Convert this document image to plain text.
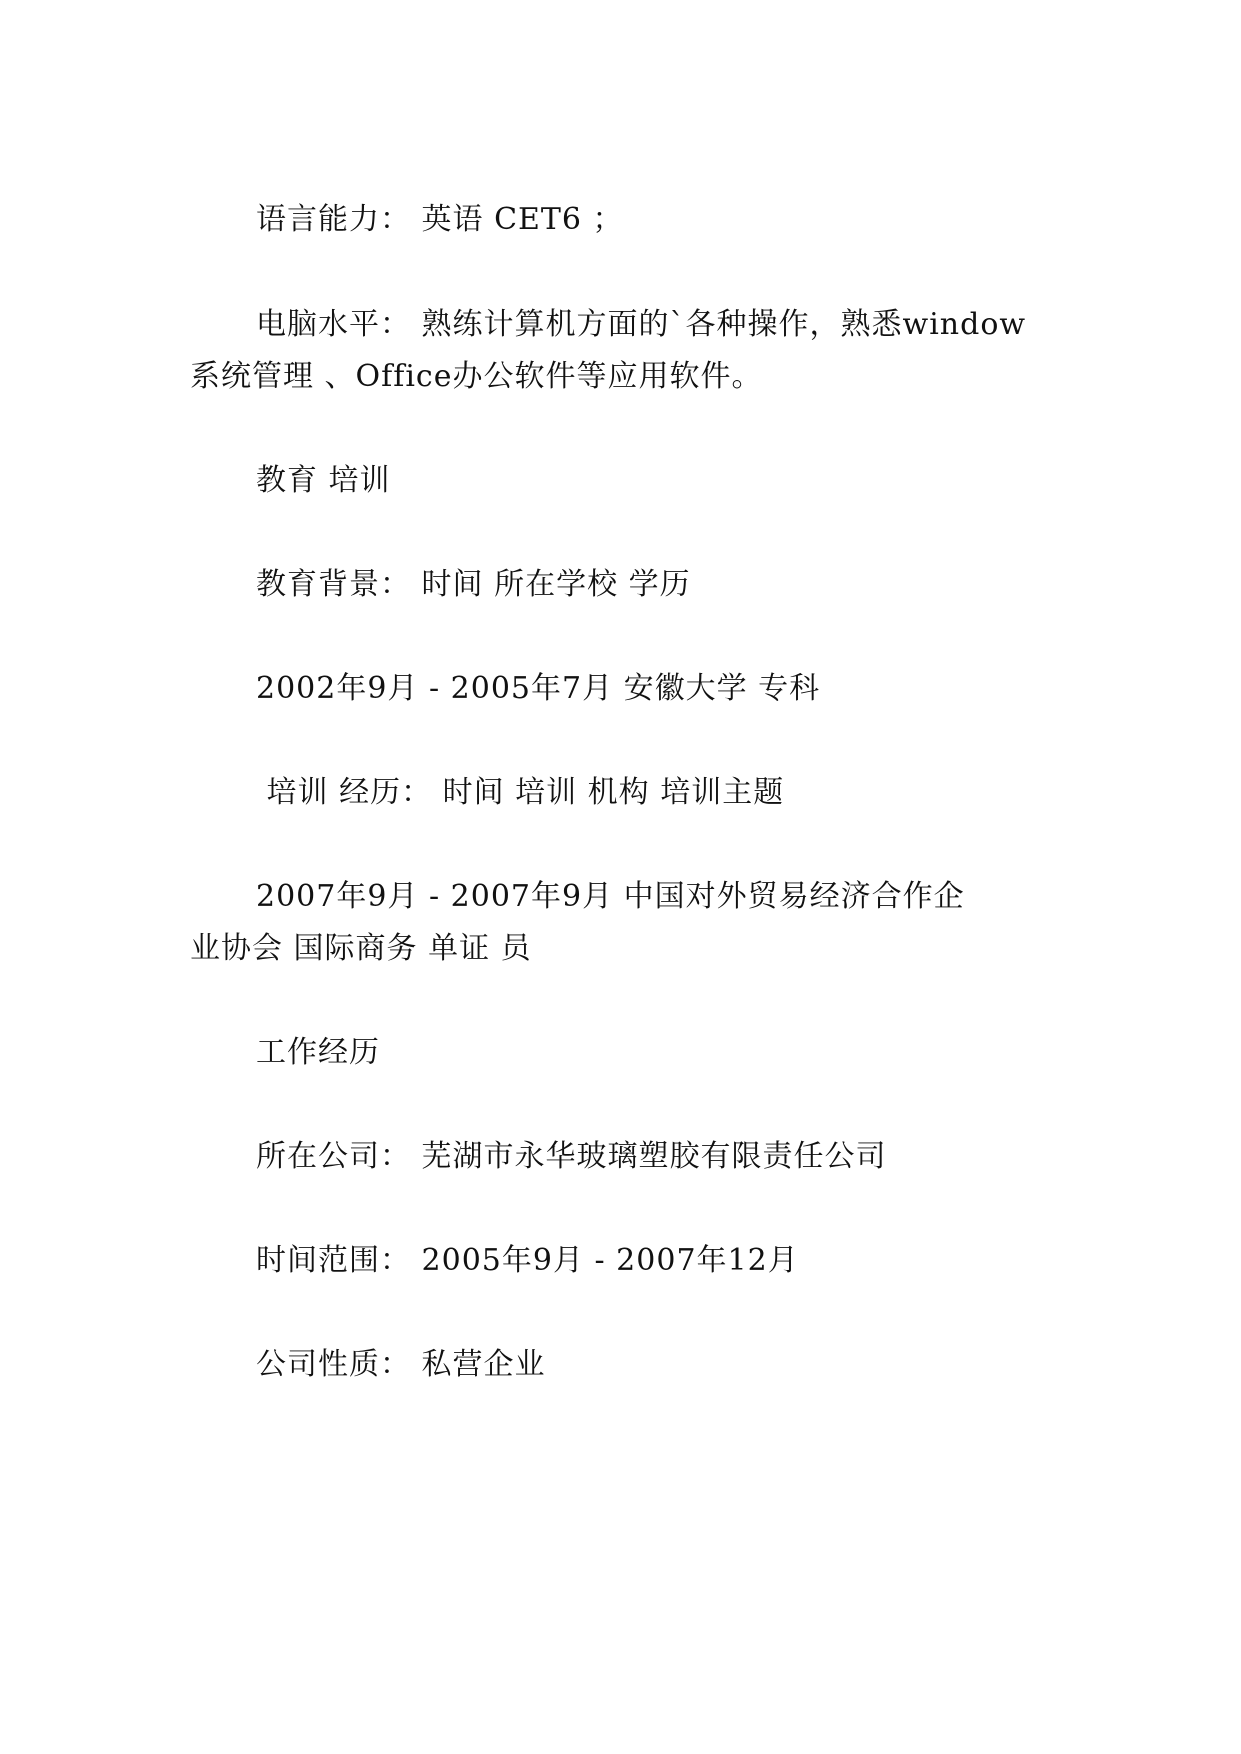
语言能力： 英语 CET6 ；
电脑水平： 熟练计算机方面的`各种操作，熟悉window
系统管理 、Office办公软件等应用软件。
教育 培训
教育背景： 时间 所在学校 学历
2002年9月 - 2005年7月 安徽大学 专科
培训 经历： 时间 培训 机构 培训主题
2007年9月 - 2007年9月 中国对外贸易经济合作企
业协会 国际商务 单证 员
工作经历
所在公司： 芜湖市永华玻璃塑胶有限责任公司
时间范围： 2005年9月 - 2007年12月
公司性质： 私营企业
